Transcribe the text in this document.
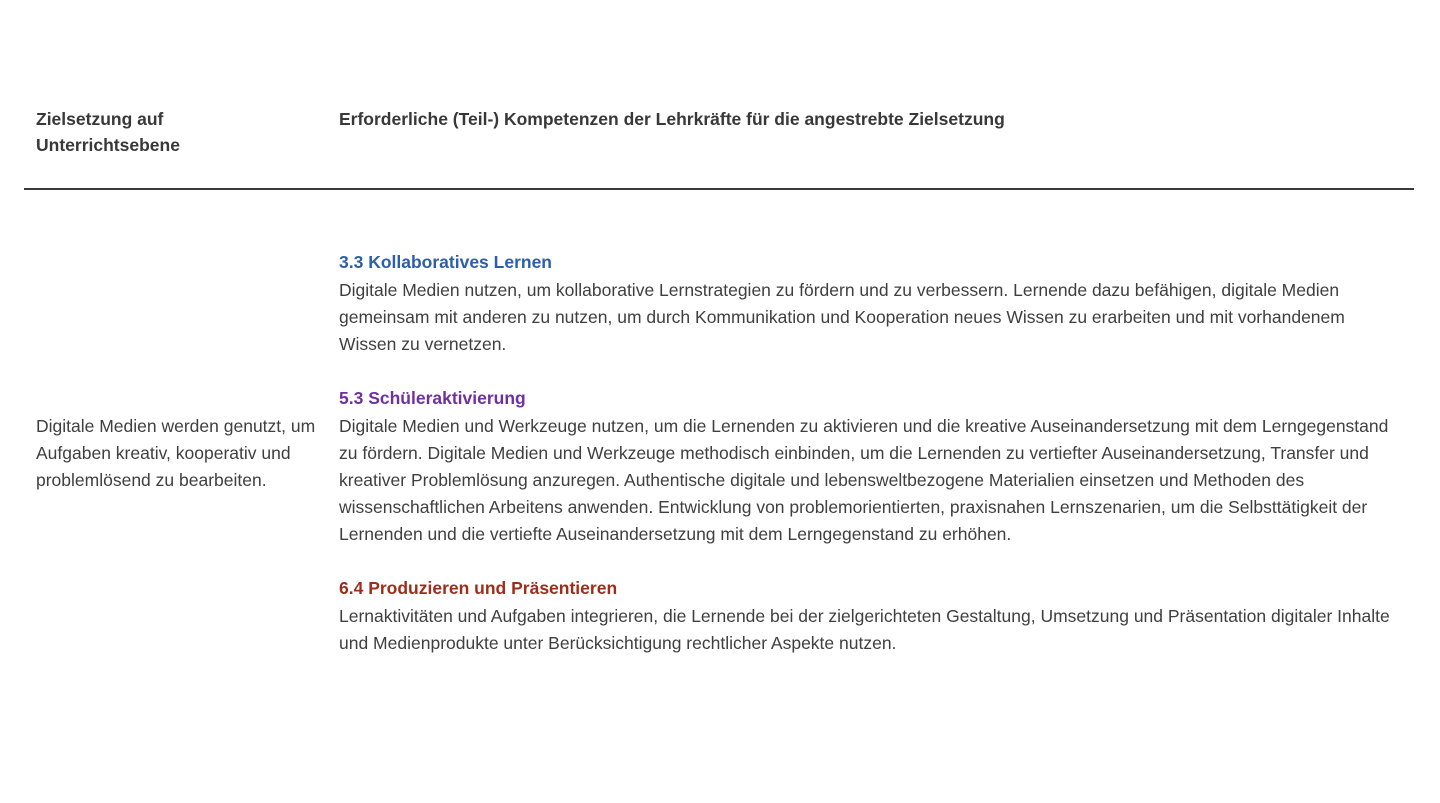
Zielsetzung auf Unterrichtsebene
Erforderliche (Teil-) Kompetenzen der Lehrkräfte für die angestrebte Zielsetzung
Digitale Medien werden genutzt, um Aufgaben kreativ, kooperativ und problemlösend zu bearbeiten.
3.3 Kollaboratives Lernen

Digitale Medien nutzen, um kollaborative Lernstrategien zu fördern und zu verbessern. Lernende dazu befähigen, digitale Medien gemeinsam mit anderen zu nutzen, um durch Kommunikation und Kooperation neues Wissen zu erarbeiten und mit vorhandenem Wissen zu vernetzen.

5.3 Schüleraktivierung

Digitale Medien und Werkzeuge nutzen, um die Lernenden zu aktivieren und die kreative Auseinandersetzung mit dem Lerngegenstand zu fördern. Digitale Medien und Werkzeuge methodisch einbinden, um die Lernenden zu vertiefter Auseinandersetzung, Transfer und kreativer Problemlösung anzuregen. Authentische digitale und lebensweltbezogene Materialien einsetzen und Methoden des wissenschaftlichen Arbeitens anwenden. Entwicklung von problemorientierten, praxisnahen Lernszenarien, um die Selbsttätigkeit der Lernenden und die vertiefte Auseinandersetzung mit dem Lerngegenstand zu erhöhen.

6.4 Produzieren und Präsentieren

Lernaktivitäten und Aufgaben integrieren, die Lernende bei der zielgerichteten Gestaltung, Umsetzung und Präsentation digitaler Inhalte und Medienprodukte unter Berücksichtigung rechtlicher Aspekte nutzen.
